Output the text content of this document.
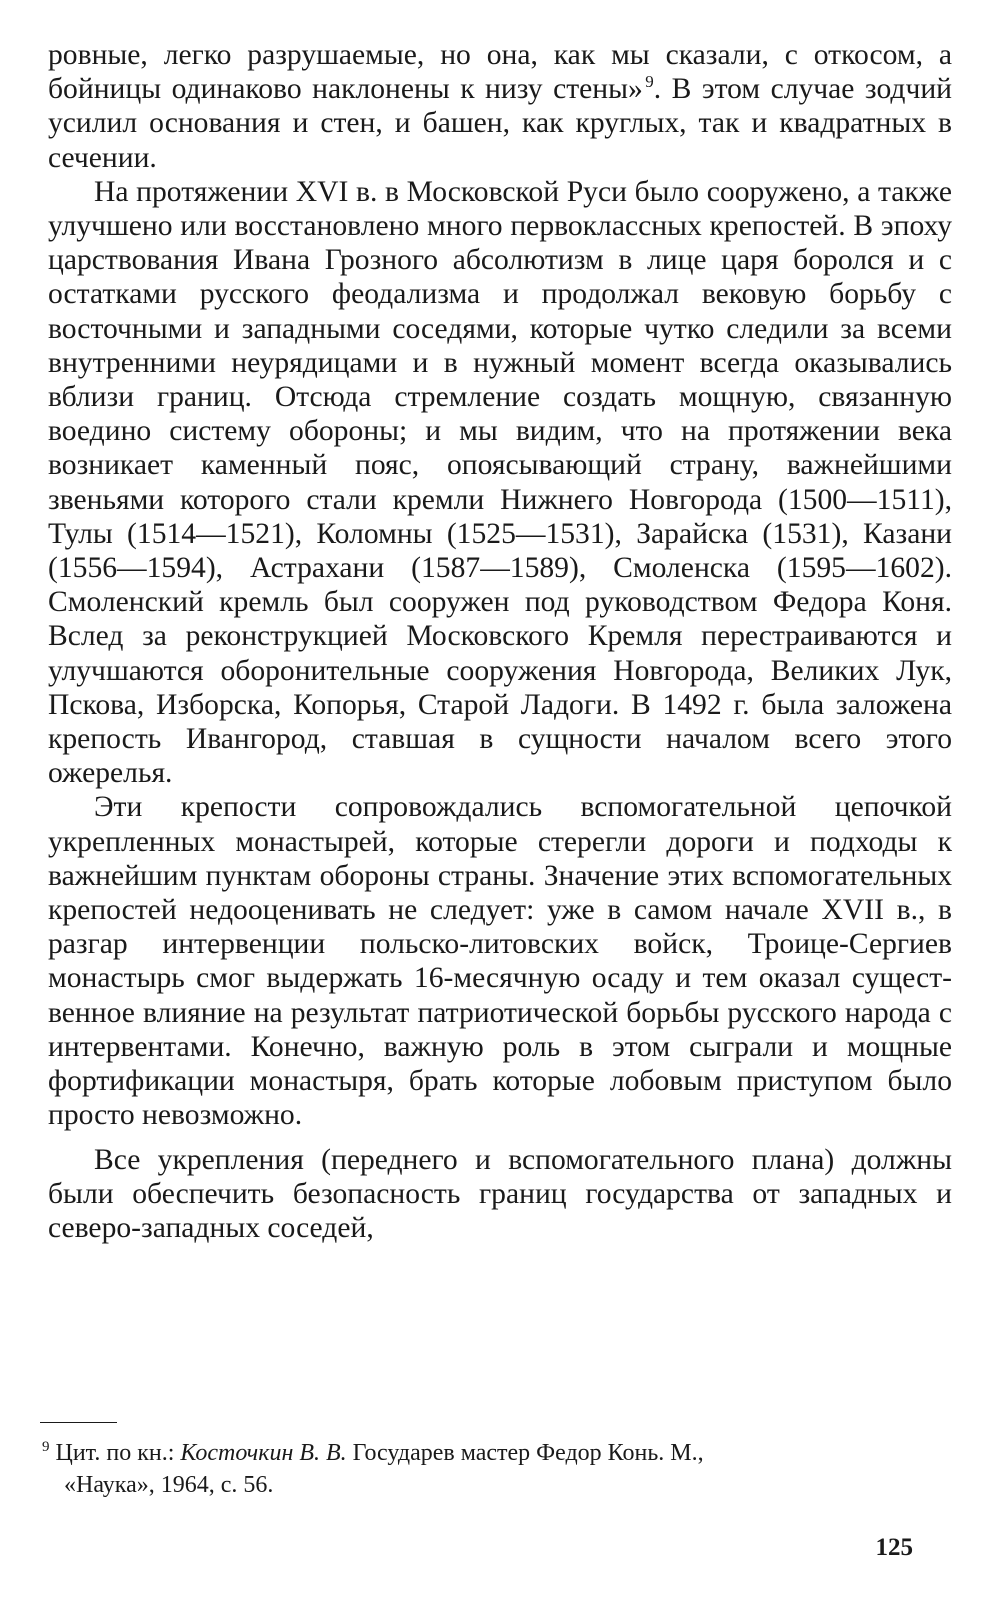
ровные, легко разрушаемые, но она, как мы сказали, с откосом, а бойницы одинаково наклонены к низу стены»  $^9$. В этом случае зодчий усилил основания и стен, и башен, как круглых, так и квадратных в сечении.

На протяжении XVI в. в Московской Руси было сооружено, а также улучшено или восстановлено много первоклассных крепостей. В эпоху царствования Ивана Грозного абсолютизм в лице царя боролся и с остатками русского феодализма и продолжал вековую борьбу с восточными и западными соседями, которые чутко следили за всеми внутренними неурядицами и в нужный момент всегда оказывались вблизи границ. Отсюда стремление создать мощную, связанную воедино систему обороны; и мы видим, что на протяжении века возникает каменный пояс, опоясывающий страну, важнейшими звеньями которого стали кремли Нижнего Новгорода (1500—1511), Тулы (1514—1521), Коломны (1525—1531), Зарайска (1531), Казани (1556—1594), Астрахани (1587—1589), Смоленска (1595—1602). Смоленский кремль был сооружен под руководством Федора Коня. Вслед за реконструкцией Московского Кремля перестраиваются и улучшаются оборонительные сооружения Новгорода, Великих Лук, Пскова, Изборска, Копорья, Старой Ладоги. В 1492 г. была заложена крепость Ивангород, ставшая в сущности началом всего этого ожерелья.

Эти крепости сопровождались вспомогательной цепочкой укрепленных монастырей, которые стерегли дороги и подходы к важнейшим пунктам обороны страны. Значение этих вспомогательных крепостей недооценивать не следует: уже в самом начале XVII в., в разгар интервенции польско-литовских войск, Троице-Сергиев монастырь смог выдержать 16-месячную осаду и тем оказал существенное влияние на результат патриотической борьбы русского народа с интервентами. Конечно, важную роль в этом сыграли и мощные фортификации монастыря, брать которые лобовым приступом было просто невозможно.

Все укрепления (переднего и вспомогательного плана) должны были обеспечить безопасность границ государства от западных и северо-западных соседей,

$^9$ Цит. по кн.: Косточкин В. В. Государев мастер Федор Конь. М.,
«Наука», 1964, с. 56.

125
